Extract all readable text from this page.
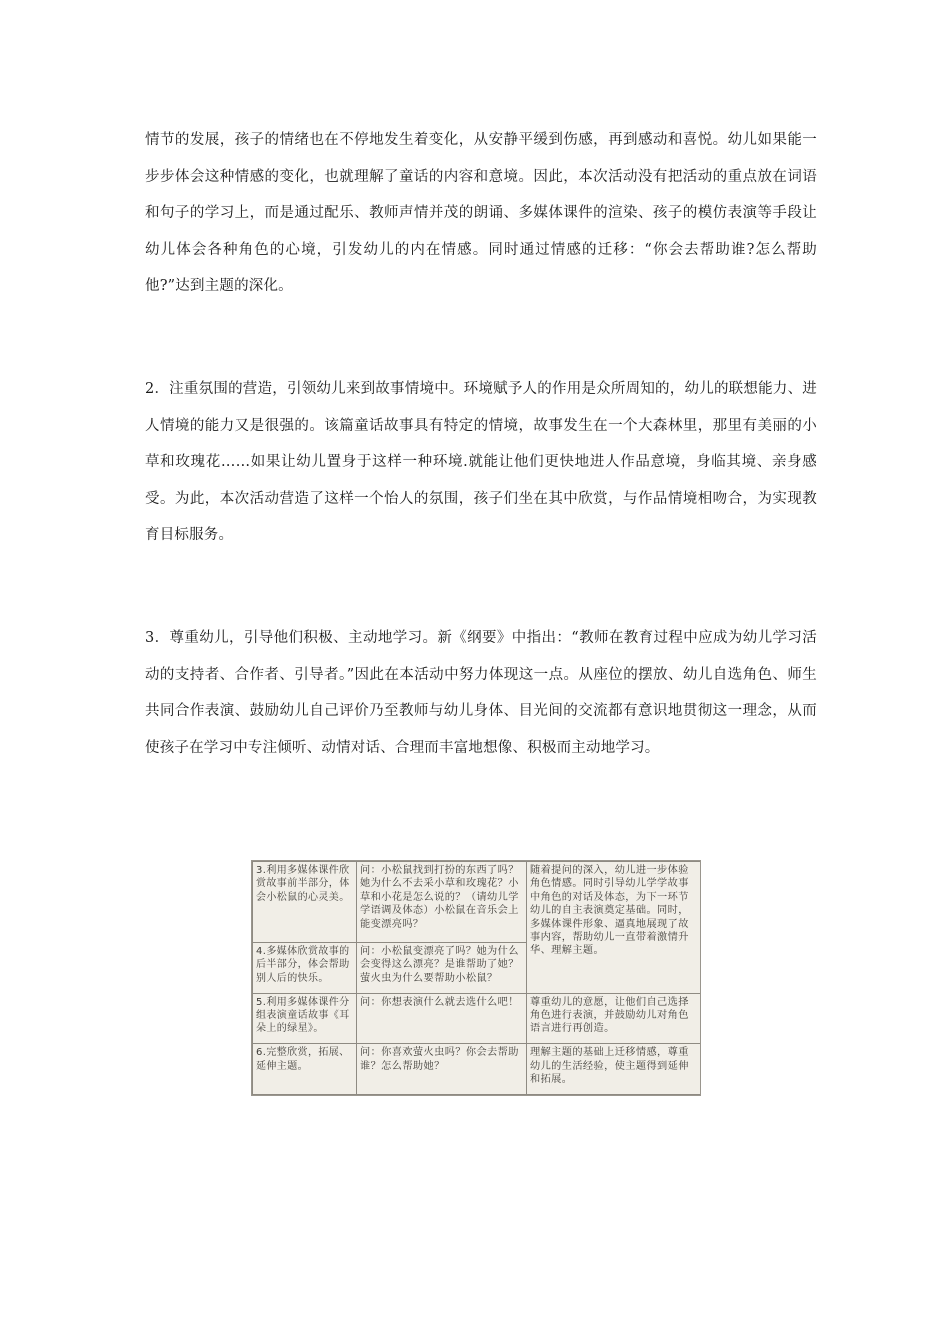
情节的发展，孩子的情绪也在不停地发生着变化，从安静平缓到伤感，再到感动和喜悦。幼儿如果能一步步体会这种情感的变化，也就理解了童话的内容和意境。因此，本次活动没有把活动的重点放在词语和句子的学习上，而是通过配乐、教师声情并茂的朗诵、多媒体课件的渲染、孩子的模仿表演等手段让幼儿体会各种角色的心境，引发幼儿的内在情感。同时通过情感的迁移：“你会去帮助谁?怎么帮助他?”达到主题的深化。

2．注重氛围的营造，引领幼儿来到故事情境中。环境赋予人的作用是众所周知的，幼儿的联想能力、进人情境的能力又是很强的。该篇童话故事具有特定的情境，故事发生在一个大森林里，那里有美丽的小草和玫瑰花……如果让幼儿置身于这样一种环境.就能让他们更快地进人作品意境，身临其境、亲身感受。为此，本次活动营造了这样一个怡人的氛围，孩子们坐在其中欣赏，与作品情境相吻合，为实现教育目标服务。

3．尊重幼儿，引导他们积极、主动地学习。新《纲要》中指出：“教师在教育过程中应成为幼儿学习活动的支持者、合作者、引导者。”因此在本活动中努力体现这一点。从座位的摆放、幼儿自选角色、师生共同合作表演、鼓励幼儿自己评价乃至教师与幼儿身体、目光间的交流都有意识地贯彻这一理念，从而使孩子在学习中专注倾听、动情对话、合理而丰富地想像、积极而主动地学习。

3.利用多媒体课件欣赏故事前半部分，体会小松鼠的心灵美。	问：小松鼠找到打扮的东西了吗？她为什么不去采小草和玫瑰花？小草和小花是怎么说的？（请幼儿学学语调及体态）小松鼠在音乐会上能变漂亮吗？	随着提问的深入，幼儿进一步体验角色情感。同时引导幼儿学学故事中角色的对话及体态，为下一环节幼儿的自主表演奠定基础。同时，多媒体课件形象、逼真地展现了故事内容，帮助幼儿一直带着激情升华、理解主题。
4.多媒体欣赏故事的后半部分，体会帮助别人后的快乐。	问：小松鼠变漂亮了吗？她为什么会变得这么漂亮？是谁帮助了她？萤火虫为什么要帮助小松鼠？	
5.利用多媒体课件分组表演童话故事《耳朵上的绿星》。	问：你想表演什么就去选什么吧！	尊重幼儿的意愿，让他们自己选择角色进行表演，并鼓励幼儿对角色语言进行再创造。
6.完整欣赏，拓展、延伸主题。	问：你喜欢萤火虫吗？你会去帮助谁？怎么帮助她？	理解主题的基础上迁移情感，尊重幼儿的生活经验，使主题得到延伸和拓展。
